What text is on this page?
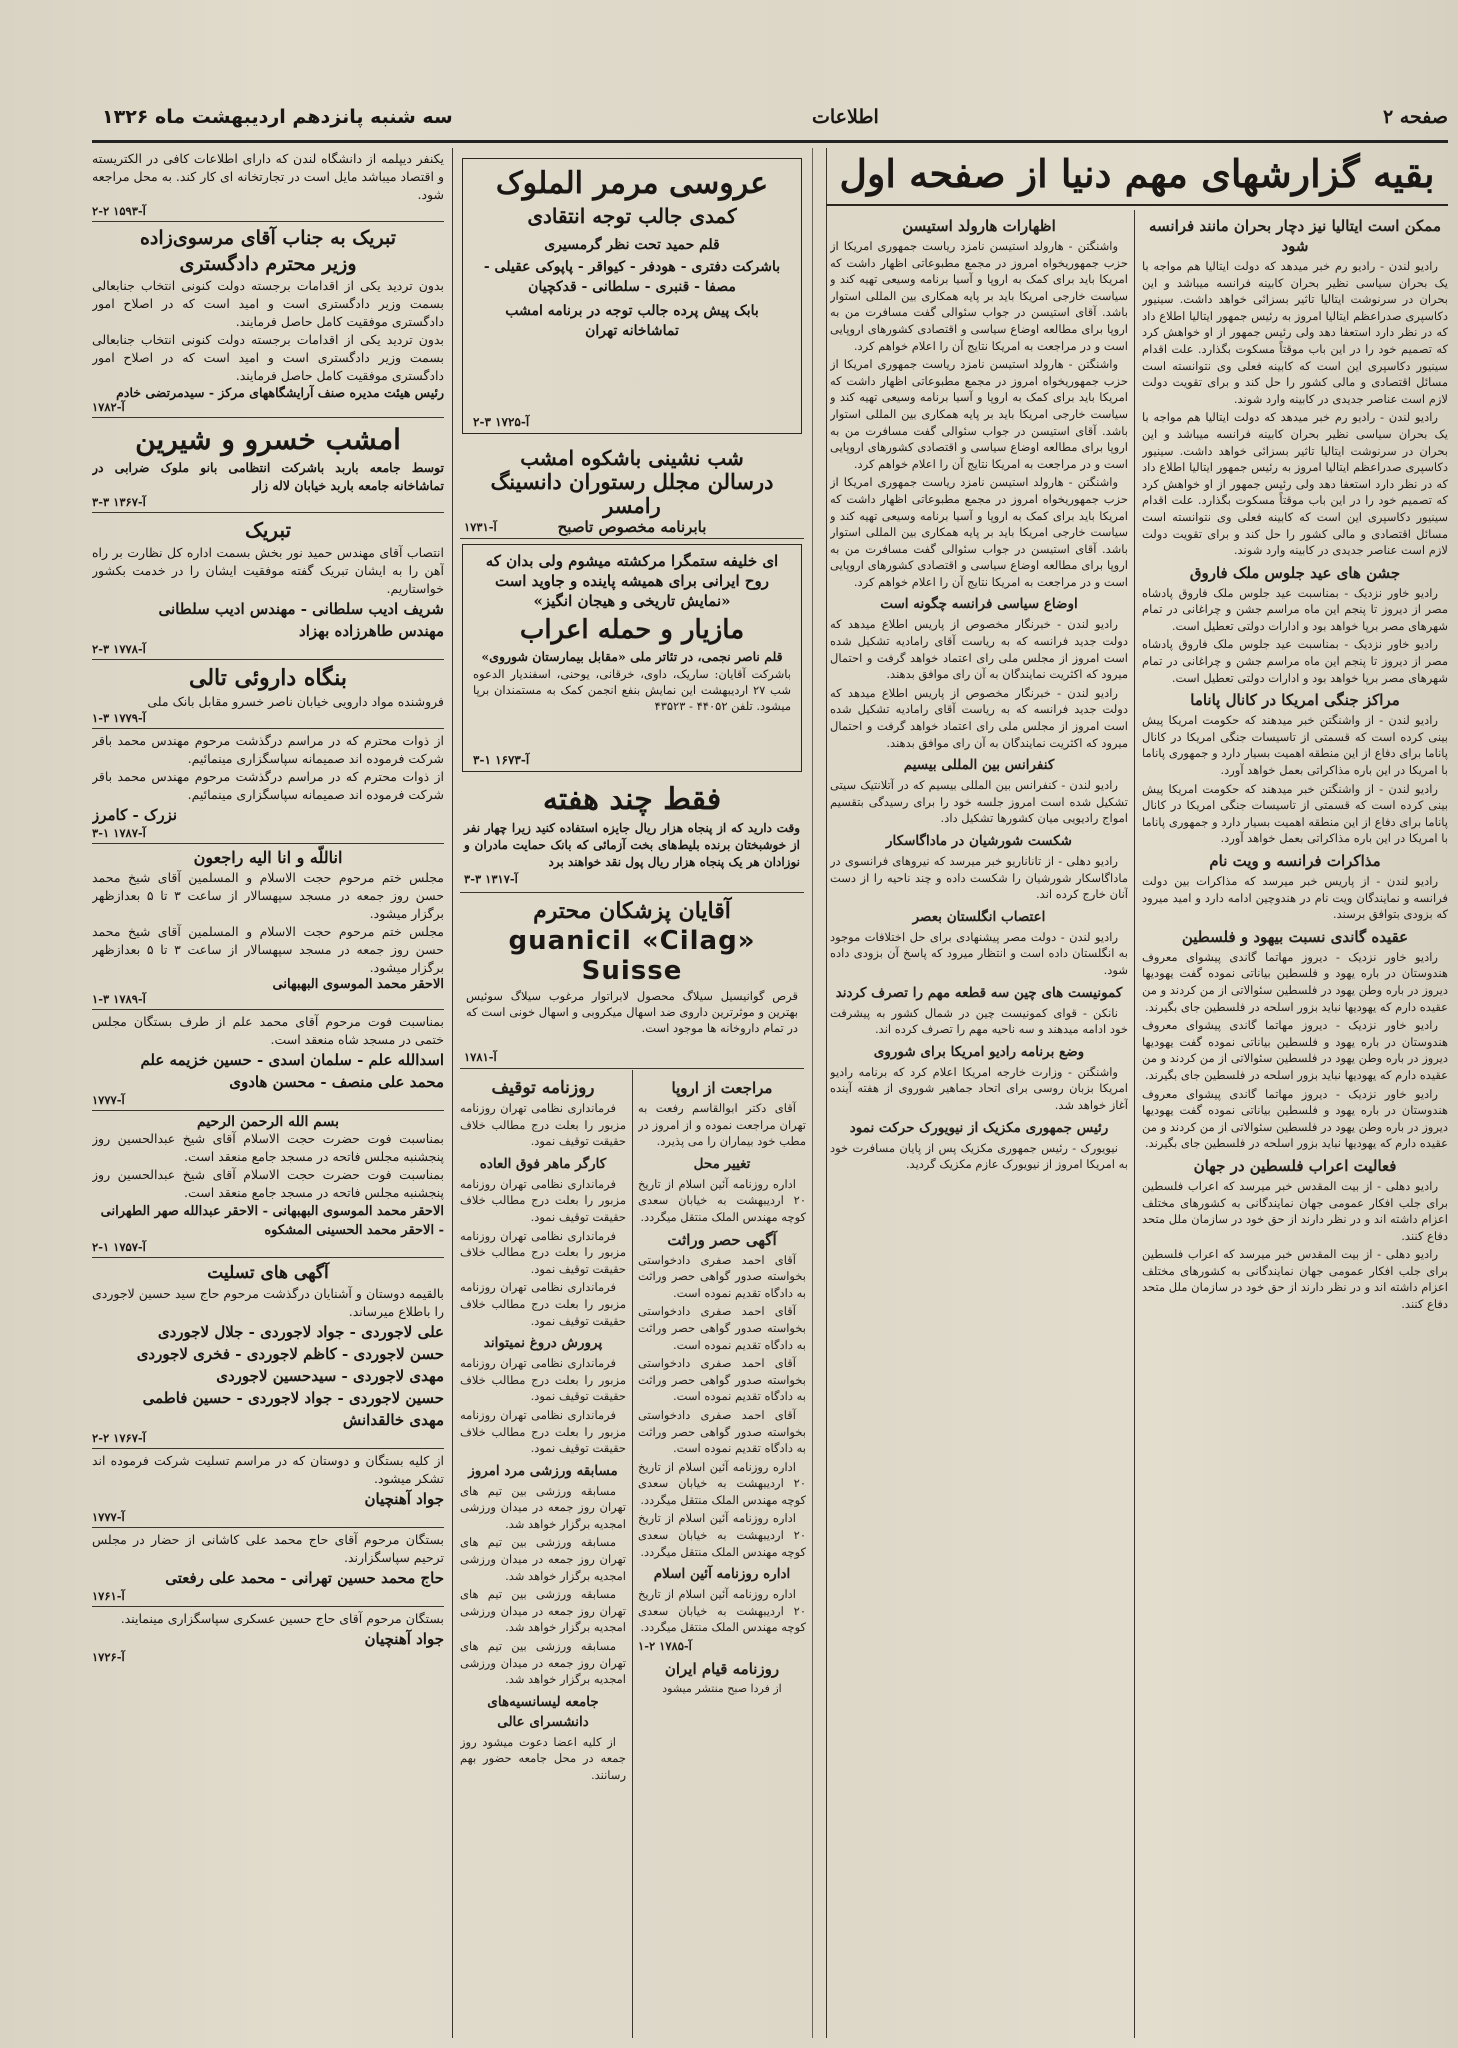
سه شنبه پانزدهم اردیبهشت ماه ۱۳۲۶	اطلاعات	صفحه ۲
بقیه گزارشهای مهم دنیا از صفحه اول
ممکن است ایتالیا نیز دچار بحران مانند فرانسه شود

رادیو لندن - رادیو رم خبر میدهد که دولت ایتالیا هم مواجه با یک بحران سیاسی نظیر بحران کابینه فرانسه میباشد و این بحران در سرنوشت ایتالیا تاثیر بسزائی خواهد داشت. سینیور دکاسپری صدراعظم ایتالیا امروز به رئیس جمهور ایتالیا اطلاع داد که در نظر دارد استعفا دهد ولی رئیس جمهور از او خواهش کرد که تصمیم خود را در این باب موقتاً مسکوت بگذارد. علت اقدام سینیور دکاسپری این است که کابینه فعلی وی نتوانسته است مسائل اقتصادی و مالی کشور را حل کند و برای تقویت دولت لازم است عناصر جدیدی در کابینه وارد شوند.

رادیو لندن - رادیو رم خبر میدهد که دولت ایتالیا هم مواجه با یک بحران سیاسی نظیر بحران کابینه فرانسه میباشد و این بحران در سرنوشت ایتالیا تاثیر بسزائی خواهد داشت. سینیور دکاسپری صدراعظم ایتالیا امروز به رئیس جمهور ایتالیا اطلاع داد که در نظر دارد استعفا دهد ولی رئیس جمهور از او خواهش کرد که تصمیم خود را در این باب موقتاً مسکوت بگذارد. علت اقدام سینیور دکاسپری این است که کابینه فعلی وی نتوانسته است مسائل اقتصادی و مالی کشور را حل کند و برای تقویت دولت لازم است عناصر جدیدی در کابینه وارد شوند.

جشن های عید جلوس ملک فاروق

رادیو خاور نزدیک - بمناسبت عید جلوس ملک فاروق پادشاه مصر از دیروز تا پنجم این ماه مراسم جشن و چراغانی در تمام شهرهای مصر برپا خواهد بود و ادارات دولتی تعطیل است.

رادیو خاور نزدیک - بمناسبت عید جلوس ملک فاروق پادشاه مصر از دیروز تا پنجم این ماه مراسم جشن و چراغانی در تمام شهرهای مصر برپا خواهد بود و ادارات دولتی تعطیل است.

مراکز جنگی امریکا در کانال پاناما

رادیو لندن - از واشنگتن خبر میدهند که حکومت امریکا پیش بینی کرده است که قسمتی از تاسیسات جنگی امریکا در کانال پاناما برای دفاع از این منطقه اهمیت بسیار دارد و جمهوری پاناما با امریکا در این باره مذاکراتی بعمل خواهد آورد.

رادیو لندن - از واشنگتن خبر میدهند که حکومت امریکا پیش بینی کرده است که قسمتی از تاسیسات جنگی امریکا در کانال پاناما برای دفاع از این منطقه اهمیت بسیار دارد و جمهوری پاناما با امریکا در این باره مذاکراتی بعمل خواهد آورد.

مذاکرات فرانسه و ویت نام

رادیو لندن - از پاریس خبر میرسد که مذاکرات بین دولت فرانسه و نمایندگان ویت نام در هندوچین ادامه دارد و امید میرود که بزودی بتوافق برسند.

عقیده گاندی نسبت بیهود و فلسطین

رادیو خاور نزدیک - دیروز مهاتما گاندی پیشوای معروف هندوستان در باره یهود و فلسطین بیاناتی نموده گفت یهودیها دیروز در باره وطن یهود در فلسطین سئوالاتی از من کردند و من عقیده دارم که یهودیها نباید بزور اسلحه در فلسطین جای بگیرند.

رادیو خاور نزدیک - دیروز مهاتما گاندی پیشوای معروف هندوستان در باره یهود و فلسطین بیاناتی نموده گفت یهودیها دیروز در باره وطن یهود در فلسطین سئوالاتی از من کردند و من عقیده دارم که یهودیها نباید بزور اسلحه در فلسطین جای بگیرند.

رادیو خاور نزدیک - دیروز مهاتما گاندی پیشوای معروف هندوستان در باره یهود و فلسطین بیاناتی نموده گفت یهودیها دیروز در باره وطن یهود در فلسطین سئوالاتی از من کردند و من عقیده دارم که یهودیها نباید بزور اسلحه در فلسطین جای بگیرند.

فعالیت اعراب فلسطین در جهان

رادیو دهلی - از بیت المقدس خبر میرسد که اعراب فلسطین برای جلب افکار عمومی جهان نمایندگانی به کشورهای مختلف اعزام داشته اند و در نظر دارند از حق خود در سازمان ملل متحد دفاع کنند.

رادیو دهلی - از بیت المقدس خبر میرسد که اعراب فلسطین برای جلب افکار عمومی جهان نمایندگانی به کشورهای مختلف اعزام داشته اند و در نظر دارند از حق خود در سازمان ملل متحد دفاع کنند.

اظهارات هارولد استیسن

واشنگتن - هارولد استیسن نامزد ریاست جمهوری امریکا از حزب جمهوریخواه امروز در مجمع مطبوعاتی اظهار داشت که امریکا باید برای کمک به اروپا و آسیا برنامه وسیعی تهیه کند و سیاست خارجی امریکا باید بر پایه همکاری بین المللی استوار باشد. آقای استیسن در جواب سئوالی گفت مسافرت من به اروپا برای مطالعه اوضاع سیاسی و اقتصادی کشورهای اروپایی است و در مراجعت به امریکا نتایج آن را اعلام خواهم کرد.

واشنگتن - هارولد استیسن نامزد ریاست جمهوری امریکا از حزب جمهوریخواه امروز در مجمع مطبوعاتی اظهار داشت که امریکا باید برای کمک به اروپا و آسیا برنامه وسیعی تهیه کند و سیاست خارجی امریکا باید بر پایه همکاری بین المللی استوار باشد. آقای استیسن در جواب سئوالی گفت مسافرت من به اروپا برای مطالعه اوضاع سیاسی و اقتصادی کشورهای اروپایی است و در مراجعت به امریکا نتایج آن را اعلام خواهم کرد.

واشنگتن - هارولد استیسن نامزد ریاست جمهوری امریکا از حزب جمهوریخواه امروز در مجمع مطبوعاتی اظهار داشت که امریکا باید برای کمک به اروپا و آسیا برنامه وسیعی تهیه کند و سیاست خارجی امریکا باید بر پایه همکاری بین المللی استوار باشد. آقای استیسن در جواب سئوالی گفت مسافرت من به اروپا برای مطالعه اوضاع سیاسی و اقتصادی کشورهای اروپایی است و در مراجعت به امریکا نتایج آن را اعلام خواهم کرد.

اوضاع سیاسی فرانسه چگونه است

رادیو لندن - خبرنگار مخصوص از پاریس اطلاع میدهد که دولت جدید فرانسه که به ریاست آقای رامادیه تشکیل شده است امروز از مجلس ملی رای اعتماد خواهد گرفت و احتمال میرود که اکثریت نمایندگان به آن رای موافق بدهند.

رادیو لندن - خبرنگار مخصوص از پاریس اطلاع میدهد که دولت جدید فرانسه که به ریاست آقای رامادیه تشکیل شده است امروز از مجلس ملی رای اعتماد خواهد گرفت و احتمال میرود که اکثریت نمایندگان به آن رای موافق بدهند.

کنفرانس بین المللی بیسیم

رادیو لندن - کنفرانس بین المللی بیسیم که در آتلانتیک سیتی تشکیل شده است امروز جلسه خود را برای رسیدگی بتقسیم امواج رادیویی میان کشورها تشکیل داد.

شکست شورشیان در ماداگاسکار

رادیو دهلی - از تاناناریو خبر میرسد که نیروهای فرانسوی در ماداگاسکار شورشیان را شکست داده و چند ناحیه را از دست آنان خارج کرده اند.

اعتصاب انگلستان بعصر

رادیو لندن - دولت مصر پیشنهادی برای حل اختلافات موجود به انگلستان داده است و انتظار میرود که پاسخ آن بزودی داده شود.

کمونیست های چین سه قطعه مهم را تصرف کردند

نانکن - قوای کمونیست چین در شمال کشور به پیشرفت خود ادامه میدهند و سه ناحیه مهم را تصرف کرده اند.

وضع برنامه رادیو امریکا برای شوروی

واشنگتن - وزارت خارجه امریکا اعلام کرد که برنامه رادیو امریکا بزبان روسی برای اتحاد جماهیر شوروی از هفته آینده آغاز خواهد شد.

رئیس جمهوری مکزیک از نیویورک حرکت نمود

نیویورک - رئیس جمهوری مکزیک پس از پایان مسافرت خود به امریکا امروز از نیویورک عازم مکزیک گردید.

عروسی مرمر الملوک
کمدی جالب توجه انتقادی
قلم حمید تحت نظر گرمسیری
باشرکت دفتری - هودفر - کیواقر - پاپوکی عقیلی - مصفا - قنبری - سلطانی - قدکچیان
بابک پیش پرده جالب توجه در برنامه امشب تماشاخانه تهران
آ-۱۷۲۵ ۳-۲
شب نشینی باشکوه امشب
درسالن مجلل رستوران دانسینگ رامسر
بابرنامه مخصوص تاصبح
آ-۱۷۳۱
ای خلیفه ستمگرا مرکشته میشوم ولی بدان که روح ایرانی برای همیشه پاینده و جاوید است «نمایش تاریخی و هیجان انگیز»
مازیار و حمله اعراب
قلم ناصر نجمی، در تئاتر ملی «مقابل بیمارستان شوروی»
باشرکت آقایان: ساریک، داوی، خرقانی، یوحنی، اسفندیار الدعوه شب ۲۷ اردیبهشت این نمایش بنفع انجمن کمک به مستمندان برپا میشود. تلفن ۴۴۰۵۲ - ۴۳۵۲۳
آ-۱۶۷۳ ۱-۳
فقط چند هفته
وقت دارید که از پنجاه هزار ریال جایزه استفاده کنید زیرا چهار نفر از خوشبختان برنده بلیط‌های بخت آزمائی که بانک حمایت مادران و نوزادان هر یک پنجاه هزار ریال پول نقد خواهند برد
آ-۱۳۱۷ ۳-۳
آقایان پزشکان محترم
guanicil «Cilag» Suisse
قرص گوانیسیل سیلاگ محصول لابراتوار مرغوب سیلاگ سوئیس بهترین و موثرترین داروی ضد اسهال میکروبی و اسهال خونی است که در تمام داروخانه ها موجود است.
آ-۱۷۸۱
مراجعت از اروپا

آقای دکتر ابوالقاسم رفعت به تهران مراجعت نموده و از امروز در مطب خود بیماران را می پذیرد.

تغییر محل

اداره روزنامه آئین اسلام از تاریخ ۲۰ اردیبهشت به خیابان سعدی کوچه مهندس الملک منتقل میگردد.

آگهی حصر وراثت

آقای احمد صفری دادخواستی بخواسته صدور گواهی حصر وراثت به دادگاه تقدیم نموده است.

آقای احمد صفری دادخواستی بخواسته صدور گواهی حصر وراثت به دادگاه تقدیم نموده است.

آقای احمد صفری دادخواستی بخواسته صدور گواهی حصر وراثت به دادگاه تقدیم نموده است.

آقای احمد صفری دادخواستی بخواسته صدور گواهی حصر وراثت به دادگاه تقدیم نموده است.

اداره روزنامه آئین اسلام از تاریخ ۲۰ اردیبهشت به خیابان سعدی کوچه مهندس الملک منتقل میگردد.

اداره روزنامه آئین اسلام از تاریخ ۲۰ اردیبهشت به خیابان سعدی کوچه مهندس الملک منتقل میگردد.

اداره روزنامه آئین اسلام

اداره روزنامه آئین اسلام از تاریخ ۲۰ اردیبهشت به خیابان سعدی کوچه مهندس الملک منتقل میگردد.

آ-۱۷۸۵ ۲-۱
روزنامه قیام ایران
از فردا صبح منتشر میشود
روزنامه توقیف

فرمانداری نظامی تهران روزنامه مزبور را بعلت درج مطالب خلاف حقیقت توقیف نمود.

کارگر ماهر فوق العاده

فرمانداری نظامی تهران روزنامه مزبور را بعلت درج مطالب خلاف حقیقت توقیف نمود.

فرمانداری نظامی تهران روزنامه مزبور را بعلت درج مطالب خلاف حقیقت توقیف نمود.

فرمانداری نظامی تهران روزنامه مزبور را بعلت درج مطالب خلاف حقیقت توقیف نمود.

پرورش دروغ نمیتواند

فرمانداری نظامی تهران روزنامه مزبور را بعلت درج مطالب خلاف حقیقت توقیف نمود.

فرمانداری نظامی تهران روزنامه مزبور را بعلت درج مطالب خلاف حقیقت توقیف نمود.

مسابقه ورزشی مرد امروز

مسابقه ورزشی بین تیم های تهران روز جمعه در میدان ورزشی امجدیه برگزار خواهد شد.

مسابقه ورزشی بین تیم های تهران روز جمعه در میدان ورزشی امجدیه برگزار خواهد شد.

مسابقه ورزشی بین تیم های تهران روز جمعه در میدان ورزشی امجدیه برگزار خواهد شد.

مسابقه ورزشی بین تیم های تهران روز جمعه در میدان ورزشی امجدیه برگزار خواهد شد.

جامعه لیسانسیه‌های دانشسرای عالی

از کلیه اعضا دعوت میشود روز جمعه در محل جامعه حضور بهم رسانند.

یکنفر دیپلمه از دانشگاه لندن که دارای اطلاعات کافی در الکتریسته و اقتصاد میباشد مایل است در تجارتخانه ای کار کند. به محل مراجعه شود.
آ-۱۵۹۳ ۲-۲
تبریک به جناب آقای مرسوی‌زاده
وزیر محترم دادگستری
بدون تردید یکی از اقدامات برجسته دولت کنونی انتخاب جنابعالی بسمت وزیر دادگستری است و امید است که در اصلاح امور دادگستری موفقیت کامل حاصل فرمایند.
بدون تردید یکی از اقدامات برجسته دولت کنونی انتخاب جنابعالی بسمت وزیر دادگستری است و امید است که در اصلاح امور دادگستری موفقیت کامل حاصل فرمایند.
رئیس هیئت مدیره صنف آرایشگاههای مرکز - سیدمرتضی خادم
آ-۱۷۸۲
امشب خسرو و شیرین
توسط جامعه باربد باشرکت انتظامی بانو ملوک ضرابی در تماشاخانه جامعه باربد خیابان لاله زار
آ-۱۳۶۷ ۳-۳
تبریک
انتصاب آقای مهندس حمید نور بخش بسمت اداره کل نظارت بر راه آهن را به ایشان تبریک گفته موفقیت ایشان را در خدمت بکشور خواستاریم.
شریف ادیب سلطانی - مهندس ادیب سلطانی
مهندس طاهرزاده بهزاد
آ-۱۷۷۸ ۳-۲
بنگاه داروئی تالی
فروشنده مواد دارویی خیابان ناصر خسرو مقابل بانک ملی
آ-۱۷۷۹ ۳-۱
از ذوات محترم که در مراسم درگذشت مرحوم مهندس محمد باقر شرکت فرموده اند صمیمانه سپاسگزاری مینمائیم.
از ذوات محترم که در مراسم درگذشت مرحوم مهندس محمد باقر شرکت فرموده اند صمیمانه سپاسگزاری مینمائیم.
نزرک - کامرز
آ-۱۷۸۷ ۱-۳
اناللّه و انا الیه راجعون
مجلس ختم مرحوم حجت الاسلام و المسلمین آقای شیخ محمد حسن روز جمعه در مسجد سپهسالار از ساعت ۳ تا ۵ بعدازظهر برگزار میشود.
مجلس ختم مرحوم حجت الاسلام و المسلمین آقای شیخ محمد حسن روز جمعه در مسجد سپهسالار از ساعت ۳ تا ۵ بعدازظهر برگزار میشود.
الاحقر محمد الموسوی البهبهانی
آ-۱۷۸۹ ۳-۱
بمناسبت فوت مرحوم آقای محمد علم از طرف بستگان مجلس ختمی در مسجد شاه منعقد است.
اسدالله علم - سلمان اسدی - حسین خزیمه علم
محمد علی منصف - محسن هادوی
آ-۱۷۷۷
بسم الله الرحمن الرحیم
بمناسبت فوت حضرت حجت الاسلام آقای شیخ عبدالحسین روز پنجشنبه مجلس فاتحه در مسجد جامع منعقد است.
بمناسبت فوت حضرت حجت الاسلام آقای شیخ عبدالحسین روز پنجشنبه مجلس فاتحه در مسجد جامع منعقد است.
الاحقر محمد الموسوی البهبهانی - الاحقر عبدالله صهر الطهرانی - الاحقر محمد الحسینی المشکوه
آ-۱۷۵۷ ۱-۲
آگهی های تسلیت
بالقیمه دوستان و آشنایان درگذشت مرحوم حاج سید حسین لاجوردی را باطلاع میرساند.
علی لاجوردی - جواد لاجوردی - جلال لاجوردی
حسن لاجوردی - کاظم لاجوردی - فخری لاجوردی
مهدی لاجوردی - سیدحسین لاجوردی
حسین لاجوردی - جواد لاجوردی - حسین فاطمی
مهدی خالقدانش
آ-۱۷۶۷ ۲-۲
از کلیه بستگان و دوستان که در مراسم تسلیت شرکت فرموده اند تشکر میشود.
جواد آهنچیان
آ-۱۷۷۷
بستگان مرحوم آقای حاج محمد علی کاشانی از حضار در مجلس ترحیم سپاسگزارند.
حاج محمد حسین تهرانی - محمد علی رفعتی
آ-۱۷۶۱
بستگان مرحوم آقای حاج حسین عسکری سپاسگزاری مینمایند.
جواد آهنچیان
آ-۱۷۲۶
